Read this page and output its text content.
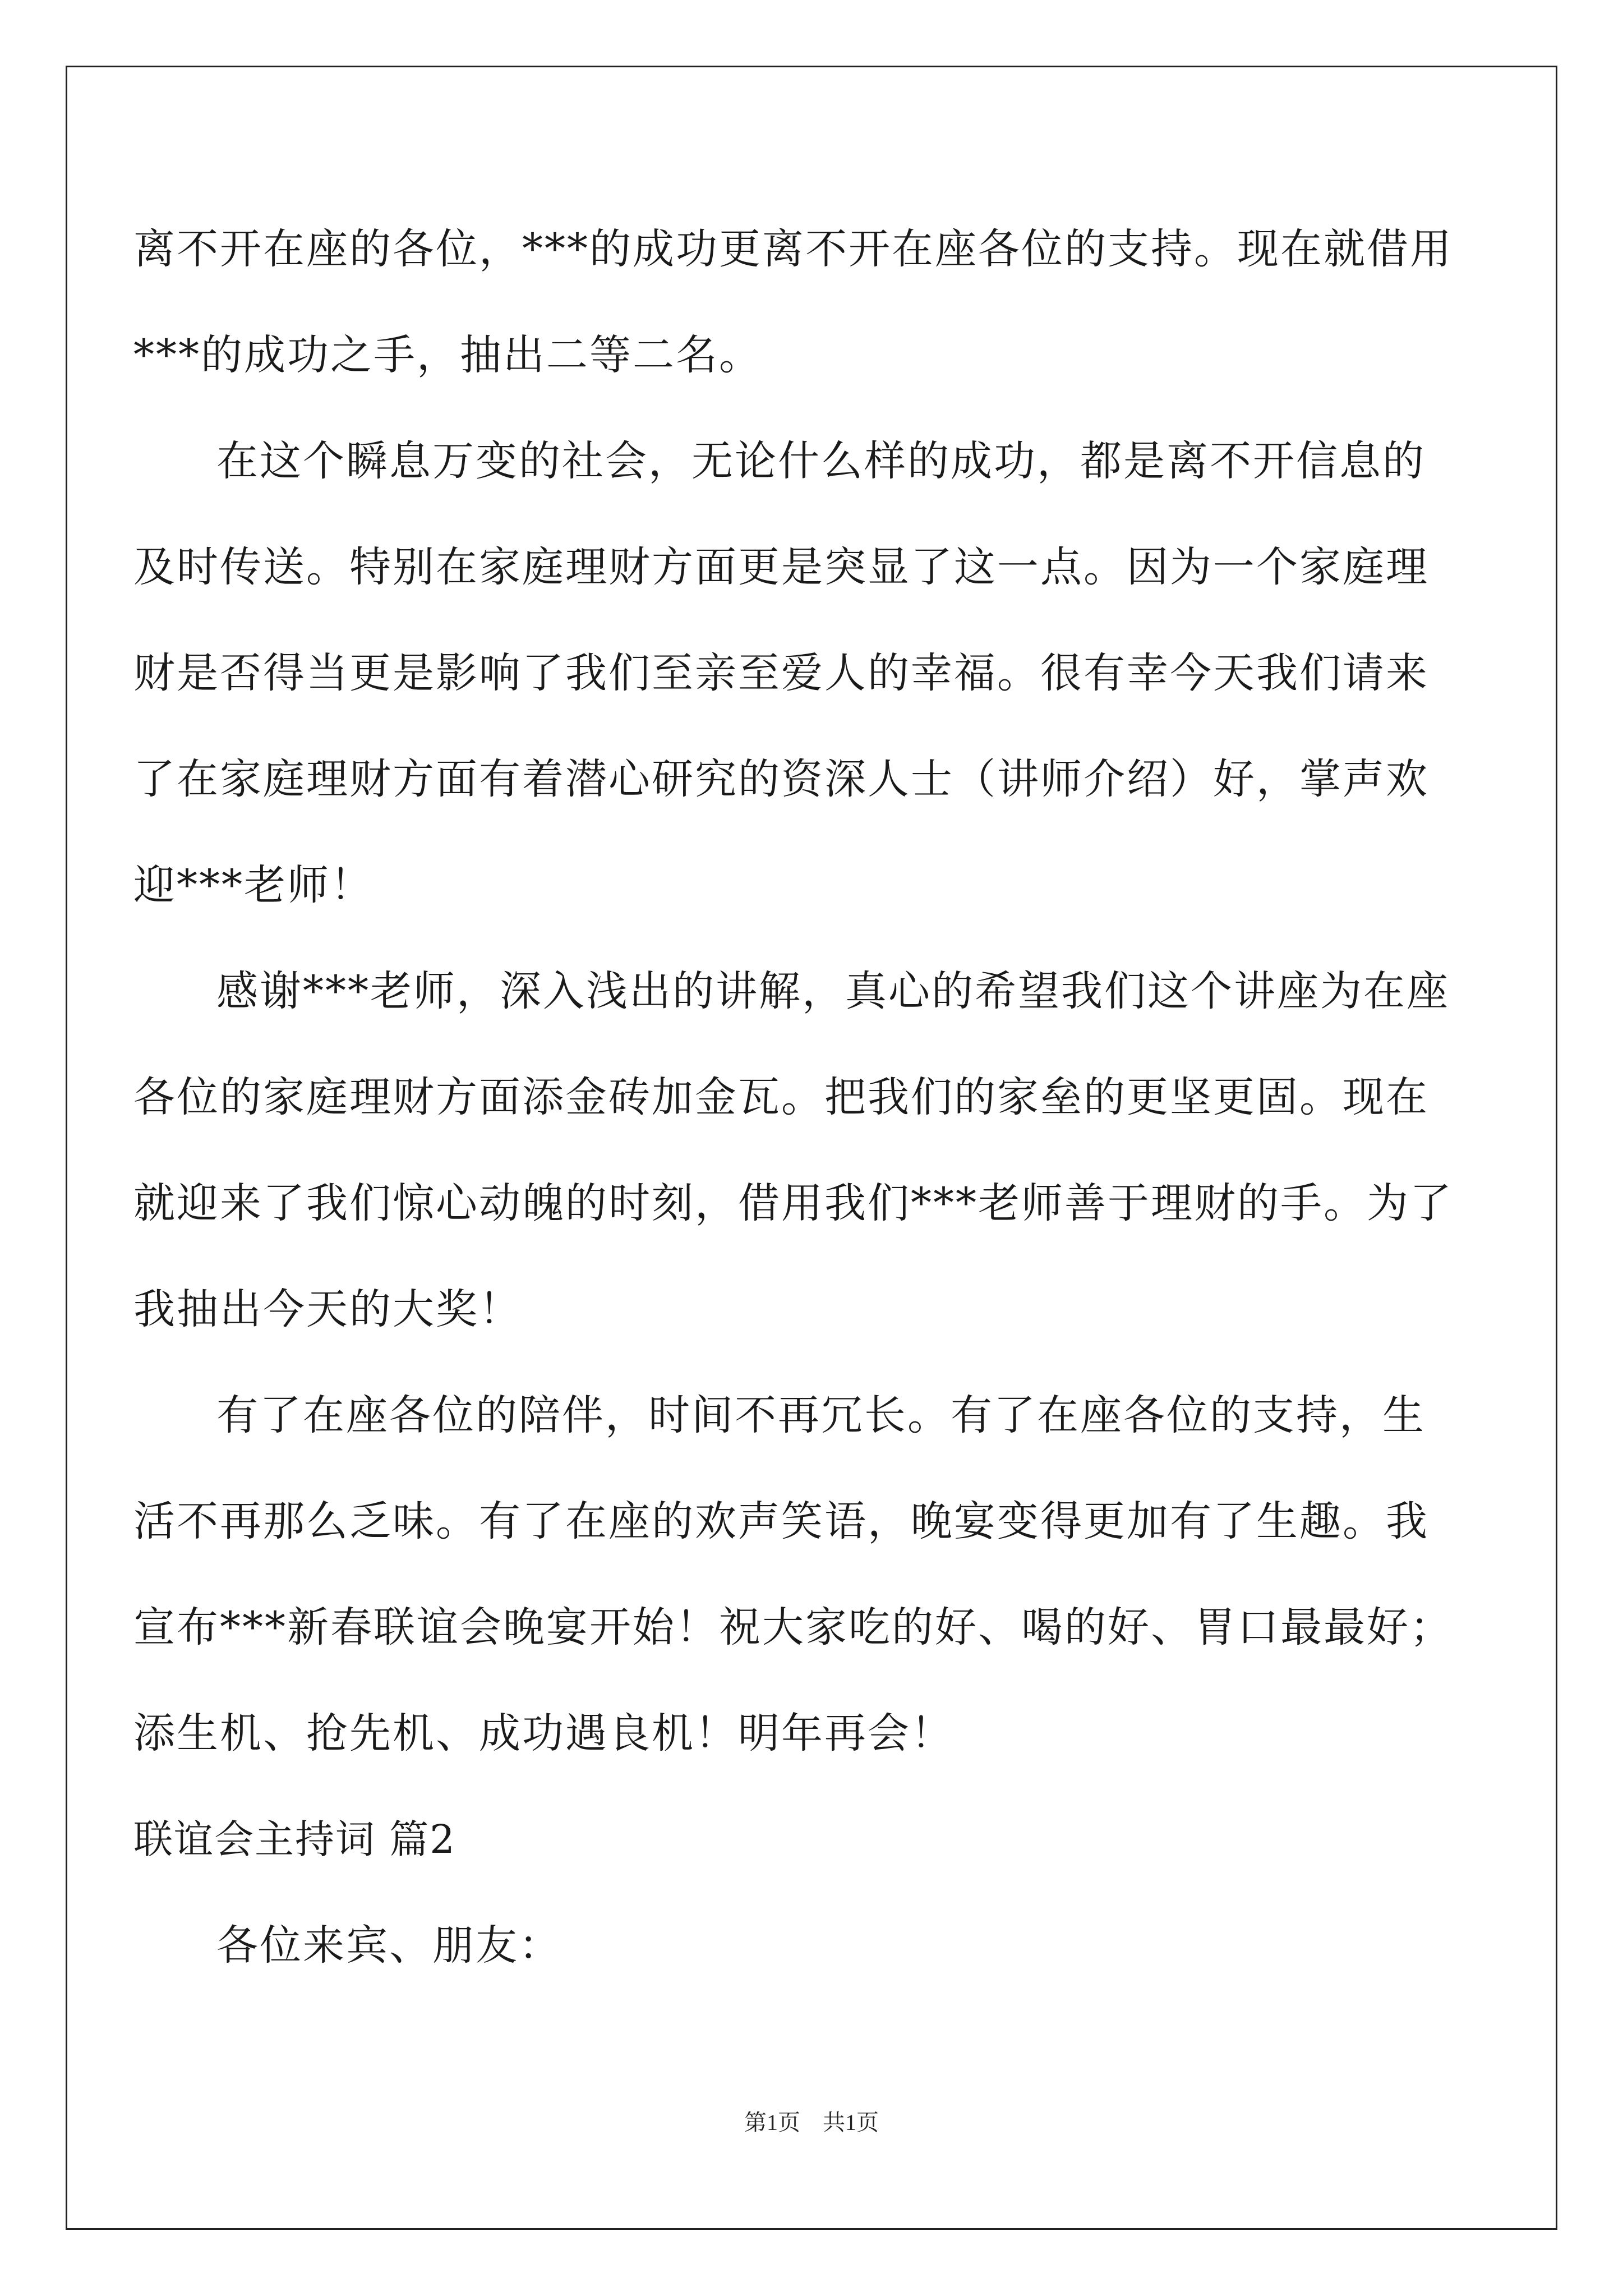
离不开在座的各位，***的成功更离不开在座各位的支持。现在就借用
***的成功之手，抽出二等二名。

在这个瞬息万变的社会，无论什么样的成功，都是离不开信息的
及时传送。特别在家庭理财方面更是突显了这一点。因为一个家庭理
财是否得当更是影响了我们至亲至爱人的幸福。很有幸今天我们请来
了在家庭理财方面有着潜心研究的资深人士（讲师介绍）好，掌声欢
迎***老师！

感谢***老师，深入浅出的讲解，真心的希望我们这个讲座为在座
各位的家庭理财方面添金砖加金瓦。把我们的家垒的更坚更固。现在
就迎来了我们惊心动魄的时刻，借用我们***老师善于理财的手。为了
我抽出今天的大奖！

有了在座各位的陪伴，时间不再冗长。有了在座各位的支持，生
活不再那么乏味。有了在座的欢声笑语，晚宴变得更加有了生趣。我
宣布***新春联谊会晚宴开始！祝大家吃的好、喝的好、胃口最最好；
添生机、抢先机、成功遇良机！明年再会！

联谊会主持词 篇2

各位来宾、朋友：

第1页　共1页
